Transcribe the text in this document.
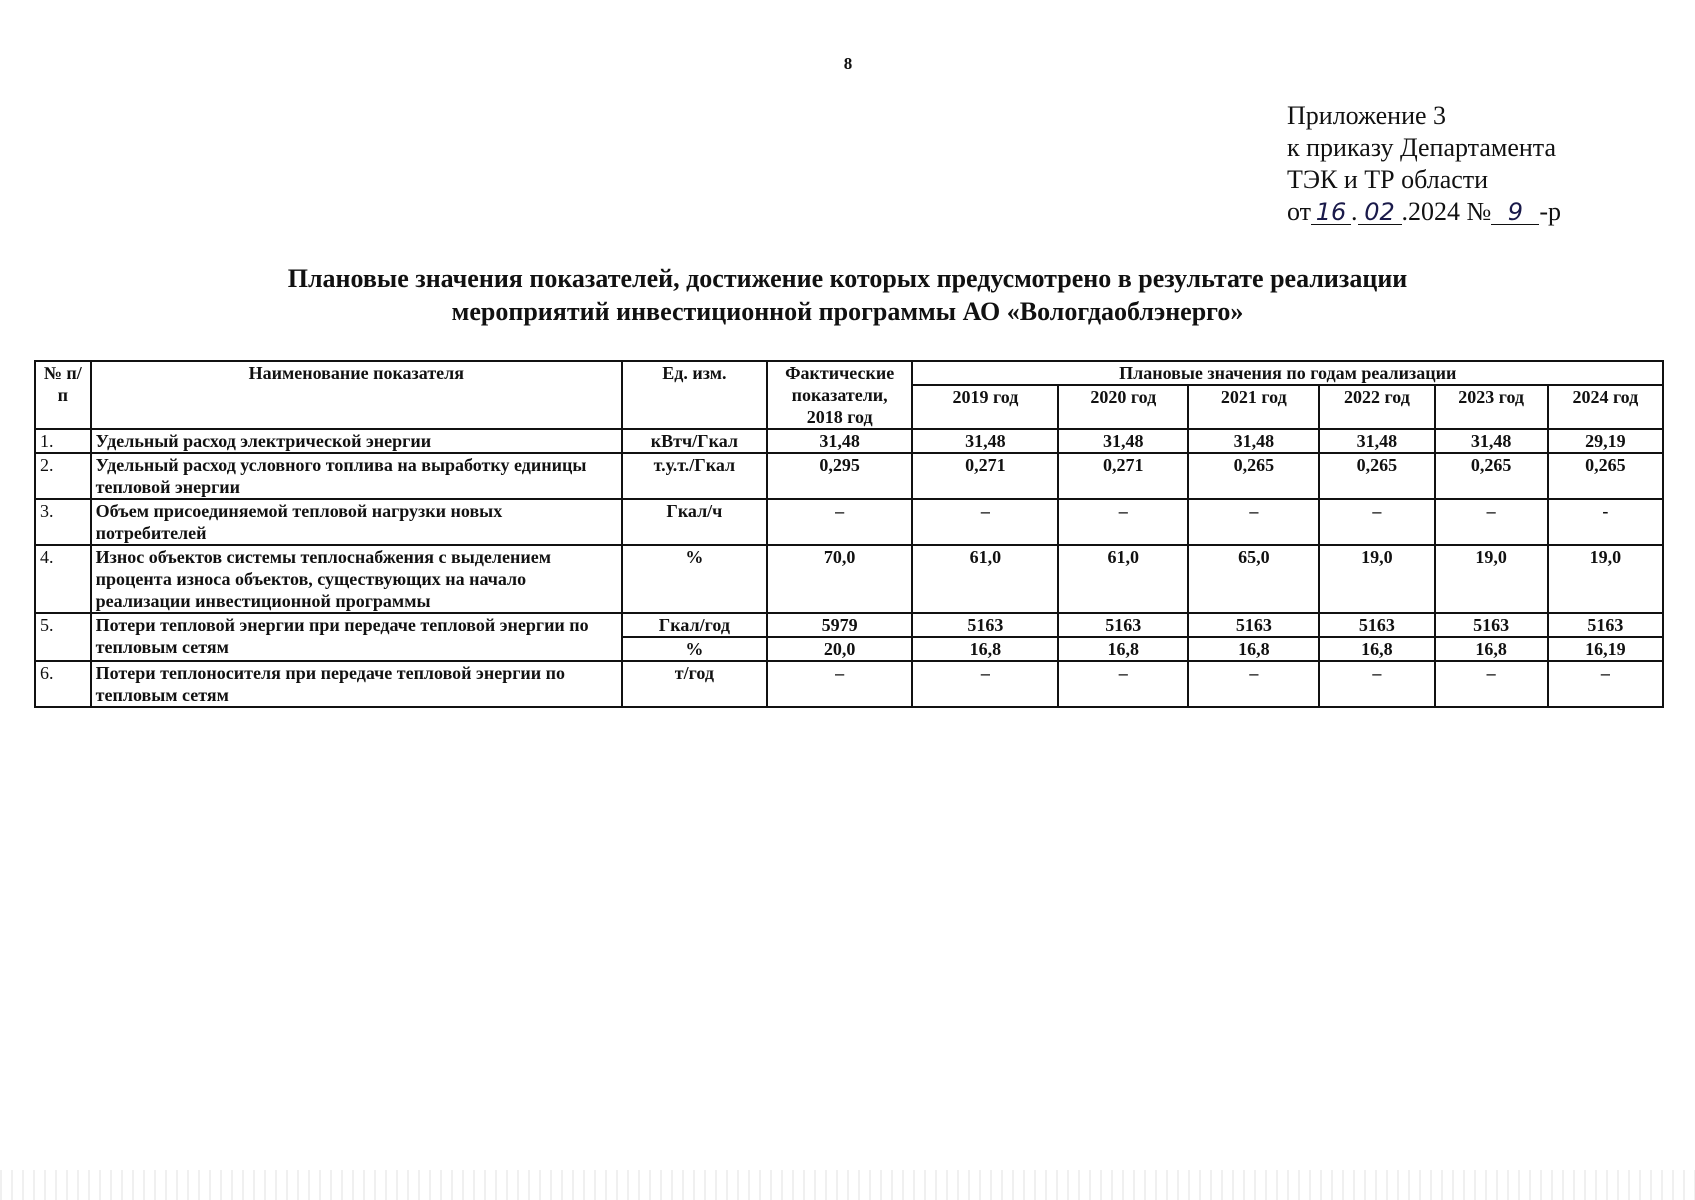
8
Приложение 3
к приказу Департамента
ТЭК и ТР области
от 16 . 02 .2024 № 9 -р
Плановые значения показателей, достижение которых предусмотрено в результате реализации
мероприятий инвестиционной программы АО «Вологдаоблэнерго»
№ п/п	Наименование показателя	Ед. изм.	Фактические показатели, 2018 год	Плановые значения по годам реализации					
				2019 год	2020 год	2021 год	2022 год	2023 год	2024 год
1.	Удельный расход электрической энергии	кВтч/Гкал	31,48	31,48	31,48	31,48	31,48	31,48	29,19
2.	Удельный расход условного топлива на выработку единицы тепловой энергии	т.у.т./Гкал	0,295	0,271	0,271	0,265	0,265	0,265	0,265
3.	Объем присоединяемой тепловой нагрузки новых потребителей	Гкал/ч	–	–	–	–	–	–	-
4.	Износ объектов системы теплоснабжения с выделением процента износа объектов, существующих на начало реализации инвестиционной программы	%	70,0	61,0	61,0	65,0	19,0	19,0	19,0
5.	Потери тепловой энергии при передаче тепловой энергии по тепловым сетям	Гкал/год	5979	5163	5163	5163	5163	5163	5163
		%	20,0	16,8	16,8	16,8	16,8	16,8	16,19
6.	Потери теплоносителя при передаче тепловой энергии по тепловым сетям	т/год	–	–	–	–	–	–	–
